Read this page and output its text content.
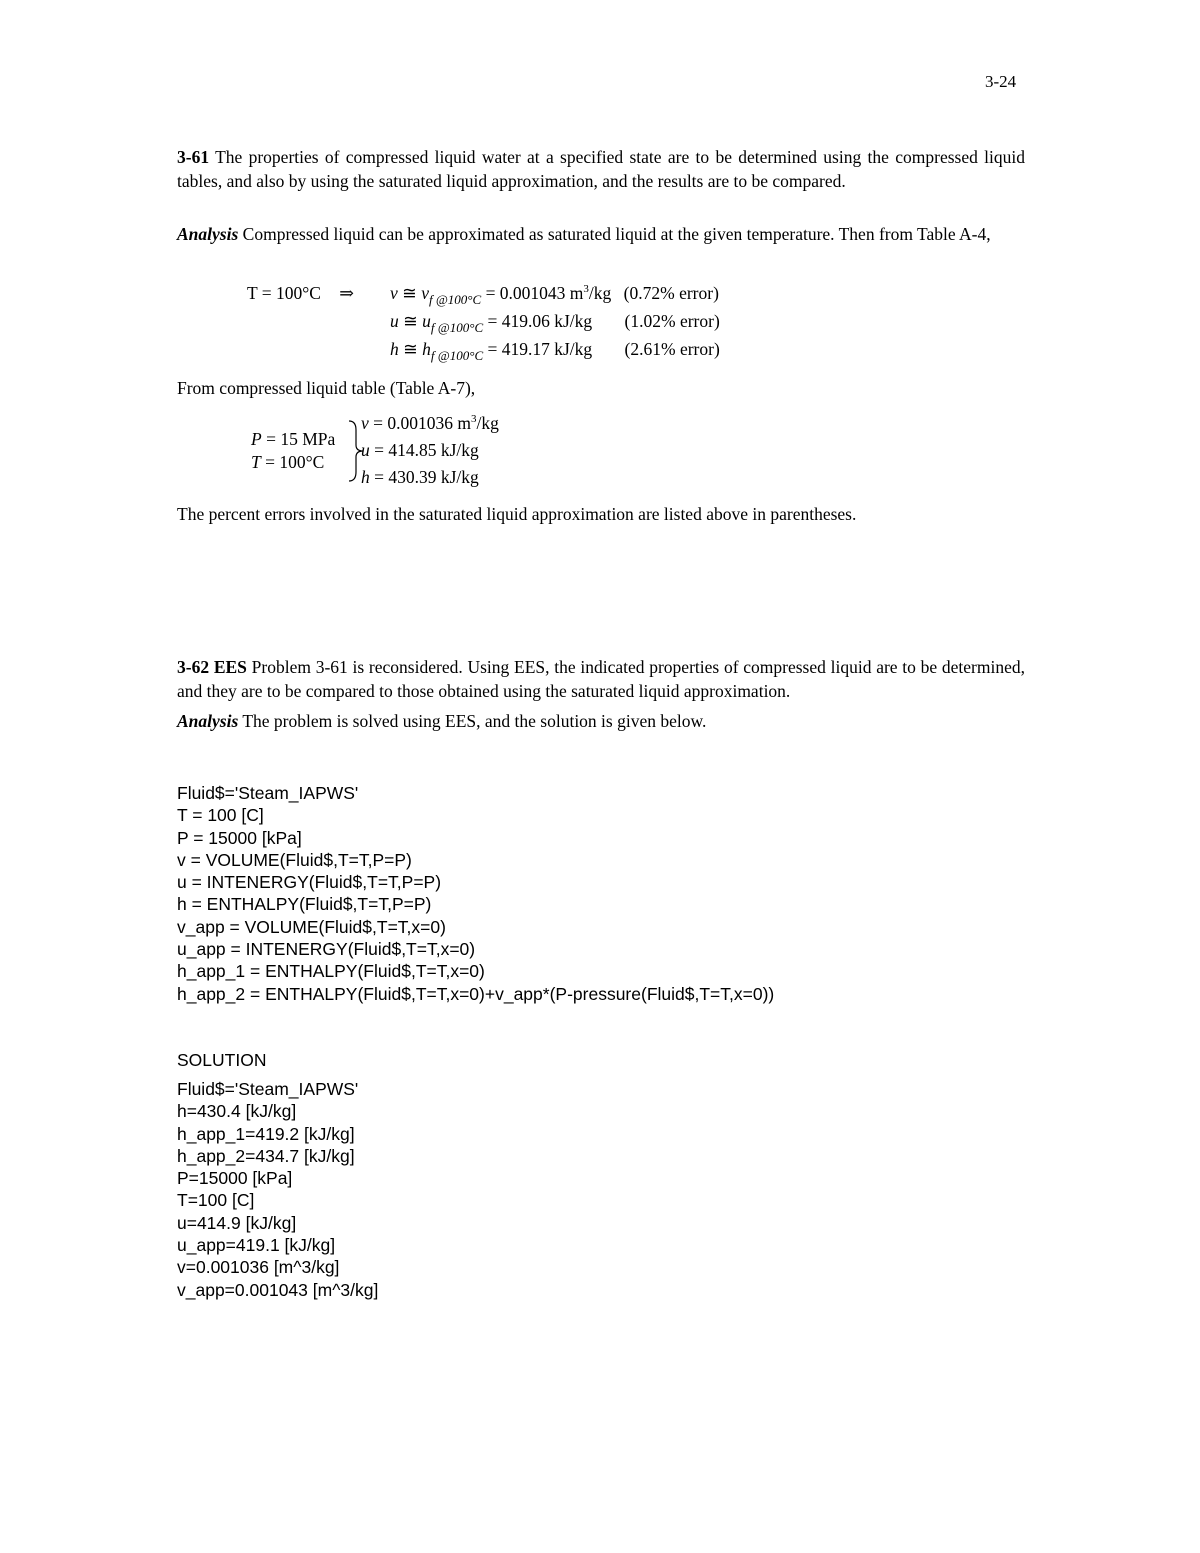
3-24

3-61 The properties of compressed liquid water at a specified state are to be determined using the compressed liquid tables, and also by using the saturated liquid approximation, and the results are to be compared.

Analysis Compressed liquid can be approximated as saturated liquid at the given temperature. Then from Table A-4,

T = 100°C ⇒ v ≅ $v_{f @100^\circ C} = 0.001043$ $m^3/kg$ (0.72% error)
u ≅ $u_{f @100^\circ C} = 419.06$ kJ/kg (1.02% error)
h ≅ $h_{f @100^\circ C} = 419.17$ kJ/kg (2.61% error)
From compressed liquid table (Table A-7),
P = 15 MPa
T = 100°C
v = 0.001036 $m^3/kg$
u = 414.85 kJ/kg
h = 430.39 kJ/kg
The percent errors involved in the saturated liquid approximation are listed above in parentheses.

3-62 EES Problem 3-61 is reconsidered. Using EES, the indicated properties of compressed liquid are to be determined, and they are to be compared to those obtained using the saturated liquid approximation.

Analysis The problem is solved using EES, and the solution is given below.
Fluid$='Steam_IAPWS'
T = 100 [C]
P = 15000 [kPa]
v = VOLUME(Fluid$,T=T,P=P)
u = INTENERGY(Fluid$,T=T,P=P)
h = ENTHALPY(Fluid$,T=T,P=P)
v_app = VOLUME(Fluid$,T=T,x=0)
u_app = INTENERGY(Fluid$,T=T,x=0)
h_app_1 = ENTHALPY(Fluid$,T=T,x=0)
h_app_2 = ENTHALPY(Fluid$,T=T,x=0)+v_app*(P-pressure(Fluid$,T=T,x=0))
SOLUTION
Fluid$='Steam_IAPWS'
h=430.4 [kJ/kg]
h_app_1=419.2 [kJ/kg]
h_app_2=434.7 [kJ/kg]
P=15000 [kPa]
T=100 [C]
u=414.9 [kJ/kg]
u_app=419.1 [kJ/kg]
v=0.001036 [m^3/kg]
v_app=0.001043 [m^3/kg]
